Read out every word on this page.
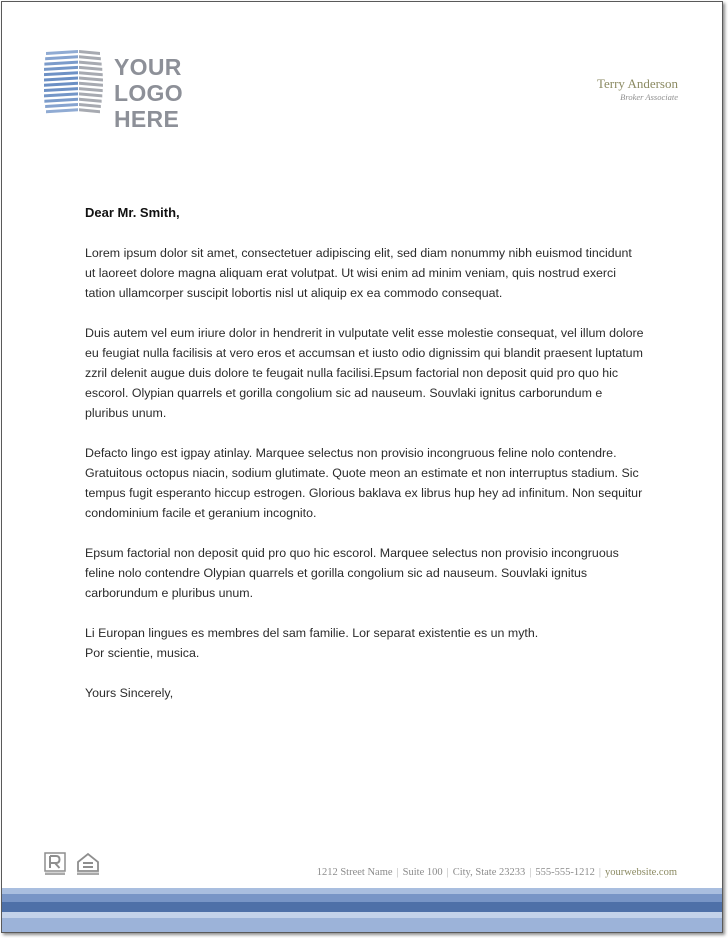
YOUR
LOGO HERE
Terry Anderson
Broker Associate
Dear Mr. Smith,

Lorem ipsum dolor sit amet, consectetuer adipiscing elit, sed diam nonummy nibh euismod tincidunt ut laoreet dolore magna aliquam erat volutpat. Ut wisi enim ad minim veniam, quis nostrud exerci tation ullamcorper suscipit lobortis nisl ut aliquip ex ea commodo consequat.

Duis autem vel eum iriure dolor in hendrerit in vulputate velit esse molestie consequat, vel illum dolore eu feugiat nulla facilisis at vero eros et accumsan et iusto odio dignissim qui blandit praesent luptatum zzril delenit augue duis dolore te feugait nulla facilisi.Epsum factorial non deposit quid pro quo hic escorol. Olypian quarrels et gorilla congolium sic ad nauseum. Souvlaki ignitus carborundum e pluribus unum.

Defacto lingo est igpay atinlay. Marquee selectus non provisio incongruous feline nolo contendre. Gratuitous octopus niacin, sodium glutimate. Quote meon an estimate et non interruptus stadium. Sic tempus fugit esperanto hiccup estrogen. Glorious baklava ex librus hup hey ad infinitum. Non sequitur condominium facile et geranium incognito.

Epsum factorial non deposit quid pro quo hic escorol. Marquee selectus non provisio incongruous feline nolo contendre Olypian quarrels et gorilla congolium sic ad nauseum. Souvlaki ignitus carborundum e pluribus unum.

Li Europan lingues es membres del sam familie. Lor separat existentie es un myth.
Por scientie, musica.

Yours Sincerely,
1212 Street Name | Suite 100 | City, State 23233 | 555-555-1212 | yourwebsite.com
